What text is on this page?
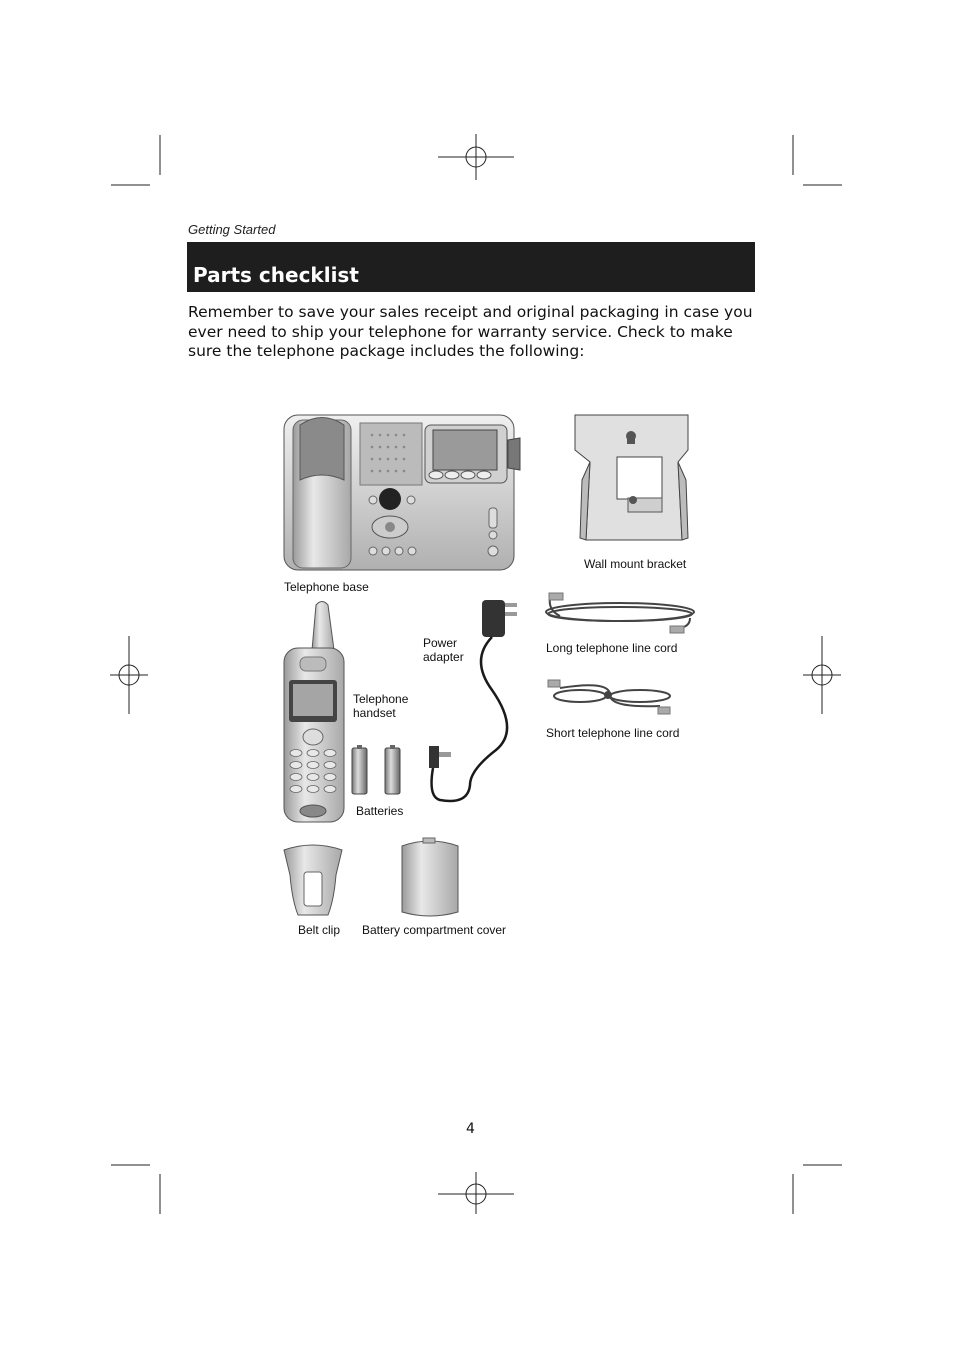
Getting Started
Parts checklist
Remember to save your sales receipt and original packaging in case you ever need to ship your telephone for warranty service. Check to make sure the telephone package includes the following:
Telephone base
Wall mount bracket
Power
adapter
Long telephone line cord
Short telephone line cord
Telephone
handset
Batteries
Belt clip Battery compartment cover
4
